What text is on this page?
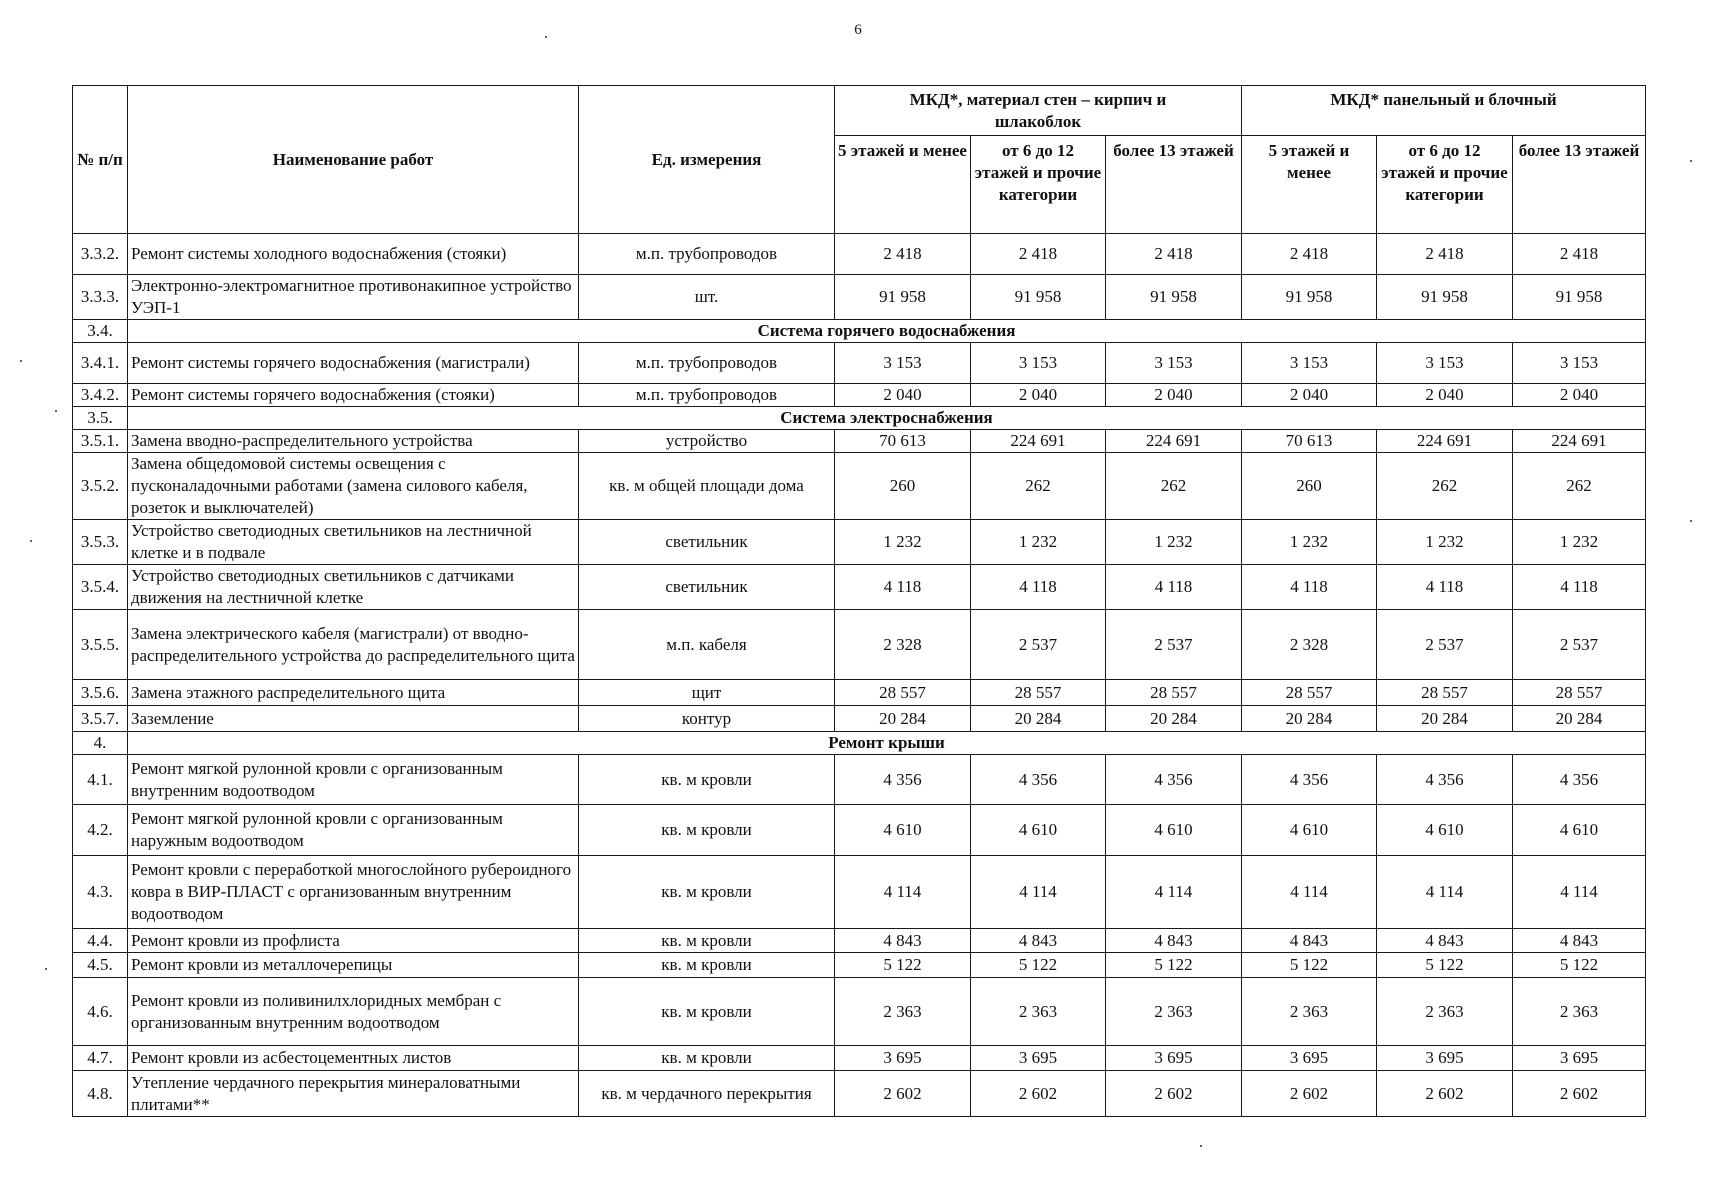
6
№ п/п	Наименование работ	Ед. измерения	МКД*, материал стен – кирпич и шлакоблок			МКД* панельный и блочный		
			5 этажей и менее	от 6 до 12 этажей и прочие категории	более 13 этажей	5 этажей и менее	от 6 до 12 этажей и прочие категории	более 13 этажей
3.3.2.	Ремонт системы холодного водоснабжения (стояки)	м.п. трубопроводов	2 418	2 418	2 418	2 418	2 418	2 418
3.3.3.	Электронно-электромагнитное противонакипное устройство УЭП-1	шт.	91 958	91 958	91 958	91 958	91 958	91 958
3.4.	Система горячего водоснабжения							
3.4.1.	Ремонт системы горячего водоснабжения (магистрали)	м.п. трубопроводов	3 153	3 153	3 153	3 153	3 153	3 153
3.4.2.	Ремонт системы горячего водоснабжения (стояки)	м.п. трубопроводов	2 040	2 040	2 040	2 040	2 040	2 040
3.5.	Система электроснабжения							
3.5.1.	Замена вводно-распределительного устройства	устройство	70 613	224 691	224 691	70 613	224 691	224 691
3.5.2.	Замена общедомовой системы освещения с пусконаладочными работами (замена силового кабеля, розеток и выключателей)	кв. м общей площади дома	260	262	262	260	262	262
3.5.3.	Устройство светодиодных светильников на лестничной клетке и в подвале	светильник	1 232	1 232	1 232	1 232	1 232	1 232
3.5.4.	Устройство светодиодных светильников с датчиками движения на лестничной клетке	светильник	4 118	4 118	4 118	4 118	4 118	4 118
3.5.5.	Замена электрического кабеля (магистрали) от вводно-распределительного устройства до распределительного щита	м.п. кабеля	2 328	2 537	2 537	2 328	2 537	2 537
3.5.6.	Замена этажного распределительного щита	щит	28 557	28 557	28 557	28 557	28 557	28 557
3.5.7.	Заземление	контур	20 284	20 284	20 284	20 284	20 284	20 284
4.	Ремонт крыши							
4.1.	Ремонт мягкой рулонной кровли с организованным внутренним водоотводом	кв. м кровли	4 356	4 356	4 356	4 356	4 356	4 356
4.2.	Ремонт мягкой рулонной кровли с организованным наружным водоотводом	кв. м кровли	4 610	4 610	4 610	4 610	4 610	4 610
4.3.	Ремонт кровли с переработкой многослойного рубероидного ковра в ВИР-ПЛАСТ с организованным внутренним водоотводом	кв. м кровли	4 114	4 114	4 114	4 114	4 114	4 114
4.4.	Ремонт кровли из профлиста	кв. м кровли	4 843	4 843	4 843	4 843	4 843	4 843
4.5.	Ремонт кровли из металлочерепицы	кв. м кровли	5 122	5 122	5 122	5 122	5 122	5 122
4.6.	Ремонт кровли из поливинилхлоридных мембран с организованным внутренним водоотводом	кв. м кровли	2 363	2 363	2 363	2 363	2 363	2 363
4.7.	Ремонт кровли из асбестоцементных листов	кв. м кровли	3 695	3 695	3 695	3 695	3 695	3 695
4.8.	Утепление чердачного перекрытия минераловатными плитами**	кв. м чердачного перекрытия	2 602	2 602	2 602	2 602	2 602	2 602
